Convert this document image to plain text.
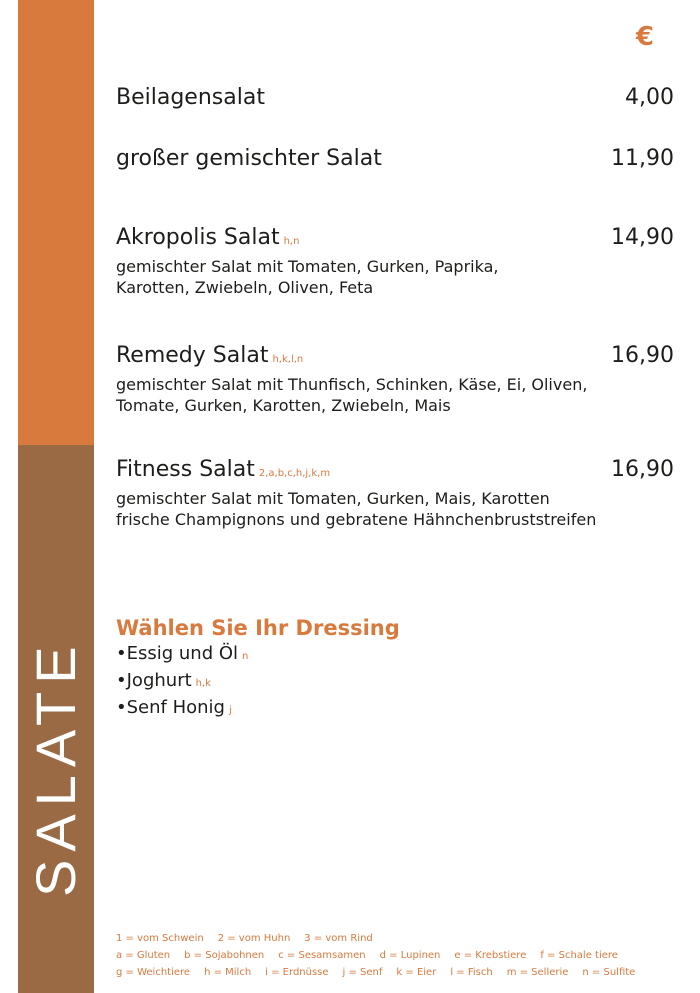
SALATE
€
Beilagensalat	4,00
großer gemischter Salat	11,90
Akropolis Salat h,n	14,90
gemischter Salat mit Tomaten, Gurken, Paprika,
Karotten, Zwiebeln, Oliven, Feta
Remedy Salat h,k,l,n	16,90
gemischter Salat mit Thunfisch, Schinken, Käse, Ei, Oliven,
Tomate, Gurken, Karotten, Zwiebeln, Mais
Fitness Salat 2,a,b,c,h,j,k,m	16,90
gemischter Salat mit Tomaten, Gurken, Mais, Karotten
frische Champignons und gebratene Hähnchenbruststreifen
Wählen Sie Ihr Dressing
• Essig und Öl n
• Joghurt h,k
• Senf Honig j
1 = vom Schwein 2 = vom Huhn 3 = vom Rind
a = Gluten b = Sojabohnen c = Sesamsamen d = Lupinen e = Krebstiere f = Schale tiere
g = Weichtiere h = Milch i = Erdnüsse j = Senf k = Eier l = Fisch m = Sellerie n = Sulfite
